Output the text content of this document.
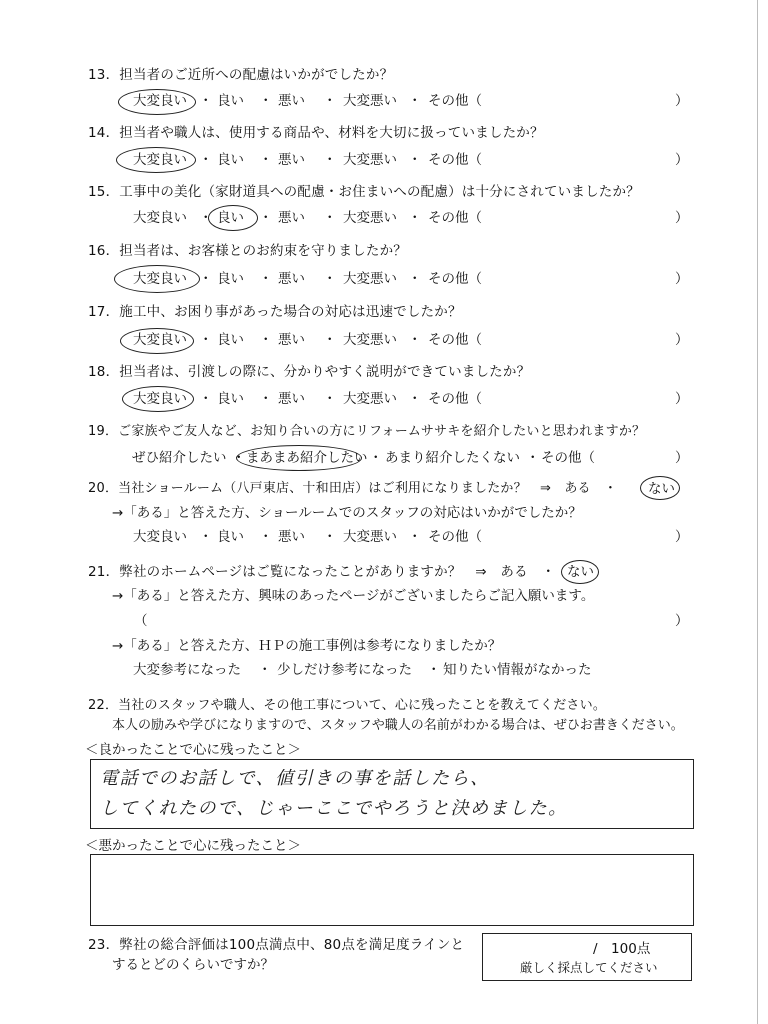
13．担当者のご近所への配慮はいかがでしたか？
大変良い ・ 良い ・ 悪い ・ 大変悪い ・ その他（	）
14．担当者や職人は、使用する商品や、材料を大切に扱っていましたか？
大変良い ・ 良い ・ 悪い ・ 大変悪い ・ その他（	）
15．工事中の美化（家財道具への配慮・お住まいへの配慮）は十分にされていましたか？
大変良い ・ 良い ・ 悪い ・ 大変悪い ・ その他（	）
16．担当者は、お客様とのお約束を守りましたか？
大変良い ・ 良い ・ 悪い ・ 大変悪い ・ その他（	）
17．施工中、お困り事があった場合の対応は迅速でしたか？
大変良い ・ 良い ・ 悪い ・ 大変悪い ・ その他（	）
18．担当者は、引渡しの際に、分かりやすく説明ができていましたか？
大変良い ・ 良い ・ 悪い ・ 大変悪い ・ その他（	）
19．ご家族やご友人など、お知り合いの方にリフォームササキを紹介したいと思われますか？
ぜひ紹介したい ・ まあまあ紹介したい ・ あまり紹介したくない ・ その他（	）
20．当社ショールーム（八戸東店、十和田店）はご利用になりましたか？　⇒　ある　・ ない
→「ある」と答えた方、ショールームでのスタッフの対応はいかがでしたか？
大変良い ・ 良い ・ 悪い ・ 大変悪い ・ その他（	）
21．弊社のホームページはご覧になったことがありますか？　⇒　ある　・ ない
→「ある」と答えた方、興味のあったページがございましたらご記入願います。
（	）
→「ある」と答えた方、ＨＰの施工事例は参考になりましたか？
大変参考になった ・ 少しだけ参考になった ・ 知りたい情報がなかった
22．当社のスタッフや職人、その他工事について、心に残ったことを教えてください。
本人の励みや学びになりますので、スタッフや職人の名前がわかる場合は、ぜひお書きください。
＜良かったことで心に残ったこと＞
電話でのお話しで、値引きの事を話したら、
してくれたので、じゃーここでやろうと決めました。
＜悪かったことで心に残ったこと＞
23．弊社の総合評価は100点満点中、80点を満足度ラインと
するとどのくらいですか？
/　100点
厳しく採点してください
